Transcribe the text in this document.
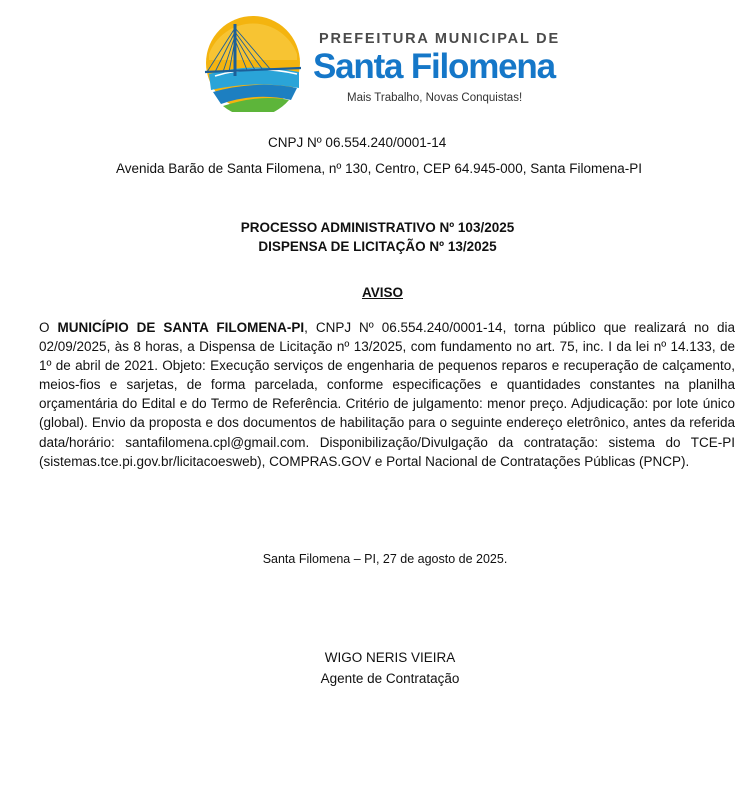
PREFEITURA MUNICIPAL DE
Santa Filomena
Mais Trabalho, Novas Conquistas!
CNPJ Nº 06.554.240/0001-14
Avenida Barão de Santa Filomena, nº 130, Centro, CEP 64.945-000, Santa Filomena-PI
PROCESSO ADMINISTRATIVO Nº 103/2025
DISPENSA DE LICITAÇÃO Nº 13/2025
AVISO
O MUNICÍPIO DE SANTA FILOMENA-PI, CNPJ Nº 06.554.240/0001-14, torna público que realizará no dia 02/09/2025, às 8 horas, a Dispensa de Licitação nº 13/2025, com fundamento no art. 75, inc. I da lei nº 14.133, de 1º de abril de 2021. Objeto: Execução serviços de engenharia de pequenos reparos e recuperação de calçamento, meios-fios e sarjetas, de forma parcelada, conforme especificações e quantidades constantes na planilha orçamentária do Edital e do Termo de Referência. Critério de julgamento: menor preço. Adjudicação: por lote único (global). Envio da proposta e dos documentos de habilitação para o seguinte endereço eletrônico, antes da referida data/horário: santafilomena.cpl@gmail.com. Disponibilização/Divulgação da contratação: sistema do TCE-PI (sistemas.tce.pi.gov.br/licitacoesweb), COMPRAS.GOV e Portal Nacional de Contratações Públicas (PNCP).
Santa Filomena – PI, 27 de agosto de 2025.
WIGO NERIS VIEIRA
Agente de Contratação
